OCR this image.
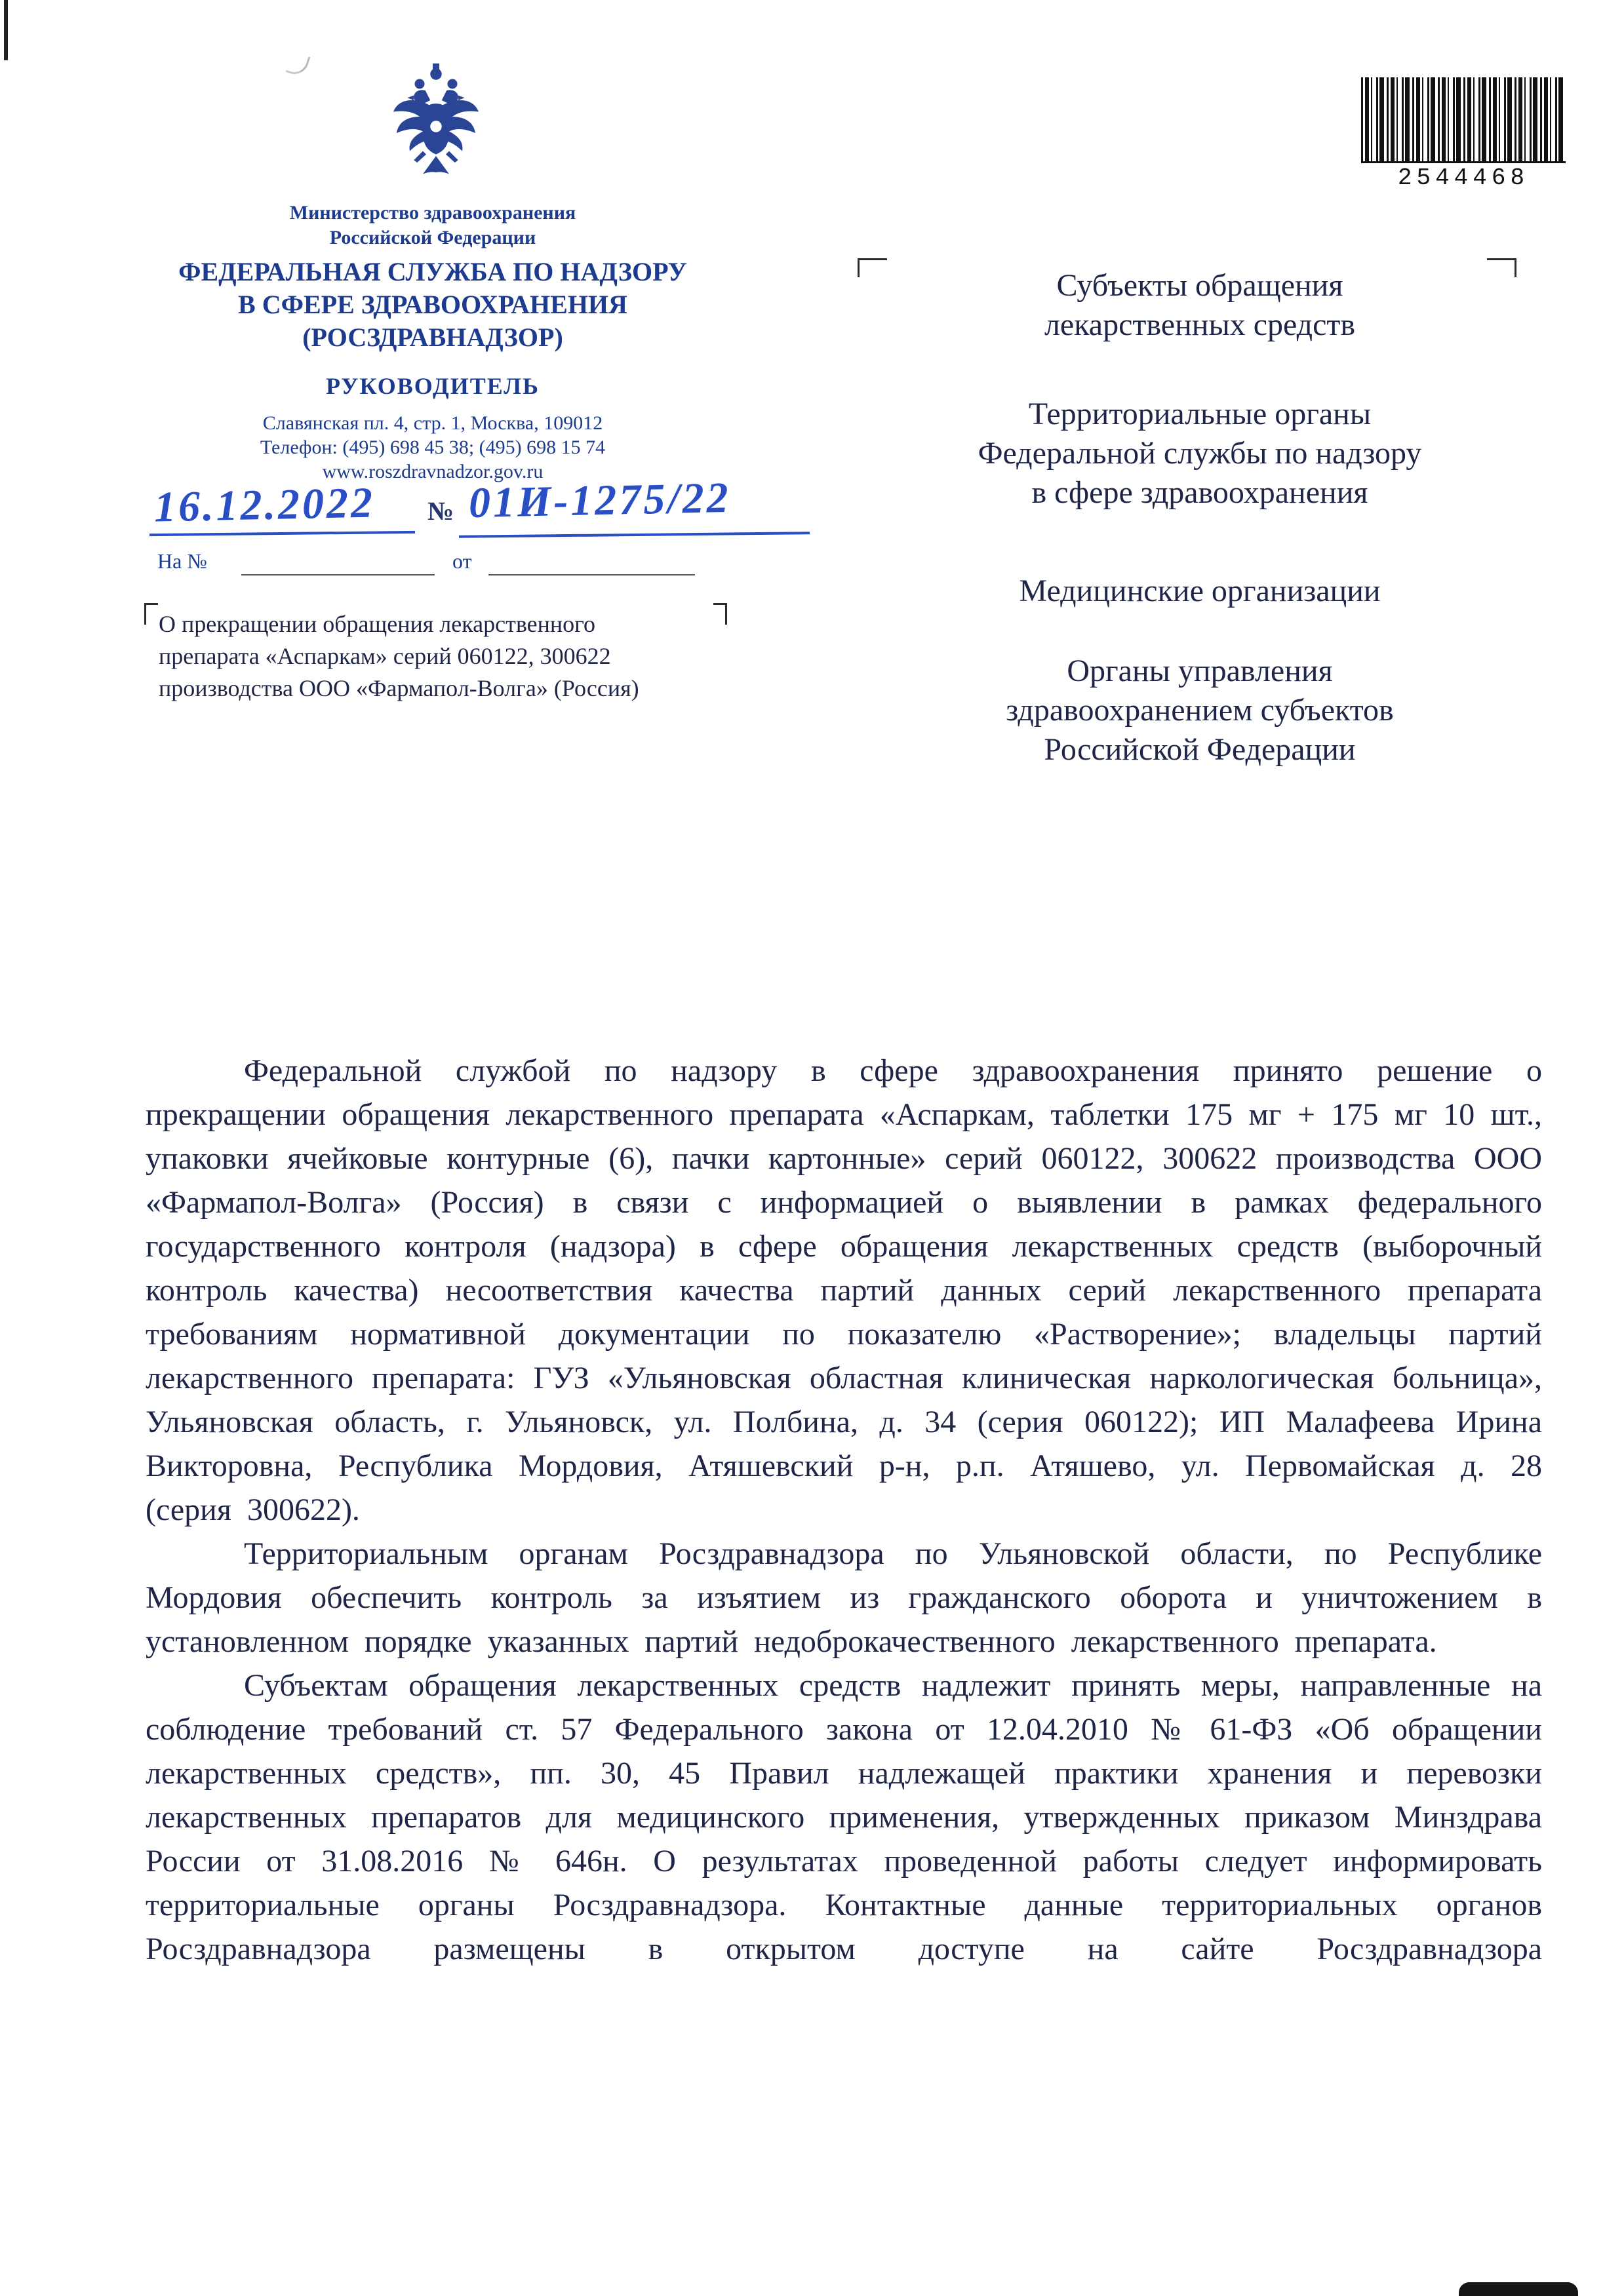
2544468
Министерство здравоохранения
Российской Федерации
ФЕДЕРАЛЬНАЯ СЛУЖБА ПО НАДЗОРУ
В СФЕРЕ ЗДРАВООХРАНЕНИЯ
(РОСЗДРАВНАДЗОР)
РУКОВОДИТЕЛЬ
Славянская пл. 4, стр. 1, Москва, 109012
Телефон: (495) 698 45 38; (495) 698 15 74
www.roszdravnadzor.gov.ru
16.12.2022 № 01И-1275/22
На №	от
О прекращении обращения лекарственного
препарата «Аспаркам» серий 060122, 300622
производства ООО «Фармапол-Волга» (Россия)
Субъекты обращения
лекарственных средств
Территориальные органы
Федеральной службы по надзору
в сфере здравоохранения
Медицинские организации
Органы управления
здравоохранением субъектов
Российской Федерации

Федеральной службой по надзору в сфере здравоохранения принято решение о прекращении обращения лекарственного препарата «Аспаркам, таблетки 175 мг + 175 мг 10 шт., упаковки ячейковые контурные (6), пачки картонные» серий 060122, 300622 производства ООО «Фармапол-Волга» (Россия) в связи с информацией о выявлении в рамках федерального государственного контроля (надзора) в сфере обращения лекарственных средств (выборочный контроль качества) несоответствия качества партий данных серий лекарственного препарата требованиям нормативной документации по показателю «Растворение»; владельцы партий лекарственного препарата: ГУЗ «Ульяновская областная клиническая наркологическая больница», Ульяновская область, г. Ульяновск, ул. Полбина, д. 34 (серия 060122); ИП Малафеева Ирина Викторовна, Республика Мордовия, Атяшевский р-н, р.п. Атяшево, ул. Первомайская д. 28 (серия 300622).

Территориальным органам Росздравнадзора по Ульяновской области, по Республике Мордовия обеспечить контроль за изъятием из гражданского оборота и уничтожением в установленном порядке указанных партий недоброкачественного лекарственного препарата.

Субъектам обращения лекарственных средств надлежит принять меры, направленные на соблюдение требований ст. 57 Федерального закона от 12.04.2010 № 61-ФЗ «Об обращении лекарственных средств», пп. 30, 45 Правил надлежащей практики хранения и перевозки лекарственных препаратов для медицинского применения, утвержденных приказом Минздрава России от 31.08.2016 № 646н. О результатах проведенной работы следует информировать территориальные органы Росздравнадзора. Контактные данные территориальных органов Росздравнадзора размещены в открытом доступе на сайте Росздравнадзора
